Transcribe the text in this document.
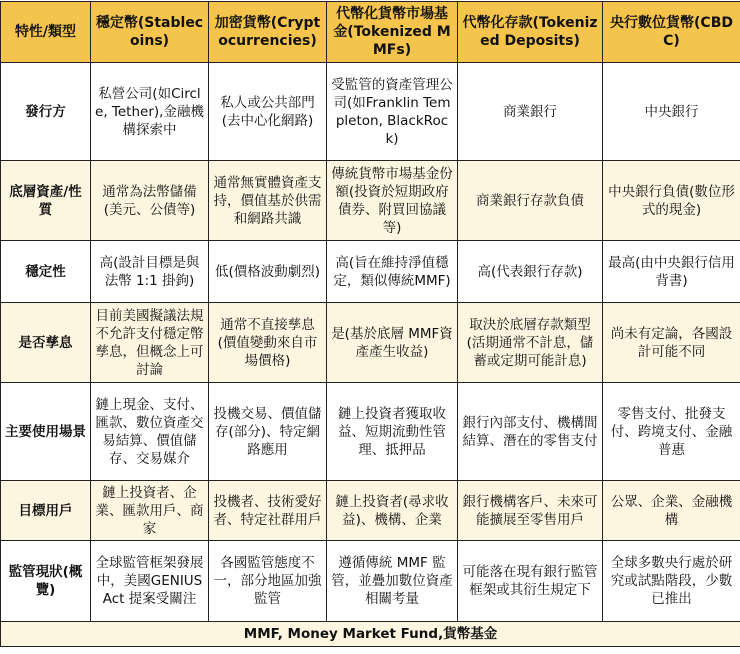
特性/類型	穩定幣(Stablecoins)	加密貨幣(Cryptocurrencies)	代幣化貨幣市場基金(Tokenized MMFs)	代幣化存款(Tokenized Deposits)	央行數位貨幣(CBDC)
發行方	私營公司(如Circle, Tether),金融機構探索中	私人或公共部門(去中心化網路)	受監管的資產管理公司(如Franklin Templeton, BlackRock)	商業銀行	中央銀行
底層資產/性質	通常為法幣儲備(美元、公債等)	通常無實體資產支持，價值基於供需和網路共識	傳統貨幣市場基金份額(投資於短期政府債券、附買回協議等)	商業銀行存款負債	中央銀行負債(數位形式的現金)
穩定性	高(設計目標是與法幣 1:1 掛鉤)	低(價格波動劇烈)	高(旨在維持淨值穩定，類似傳統MMF)	高(代表銀行存款)	最高(由中央銀行信用背書)
是否孳息	目前美國擬議法規不允許支付穩定幣孳息，但概念上可討論	通常不直接孳息(價值變動來自市場價格)	是(基於底層 MMF資產產生收益)	取決於底層存款類型(活期通常不計息，儲蓄或定期可能計息)	尚未有定論，各國設計可能不同
主要使用場景	鏈上現金、支付、匯款、數位資產交易結算、價值儲存、交易媒介	投機交易、價值儲存(部分)、特定網路應用	鏈上投資者獲取收益、短期流動性管理、抵押品	銀行內部支付、機構間結算、潛在的零售支付	零售支付、批發支付、跨境支付、金融普惠
目標用戶	鏈上投資者、企業、匯款用戶、商家	投機者、技術愛好者、特定社群用戶	鏈上投資者(尋求收益)、機構、企業	銀行機構客戶、未來可能擴展至零售用戶	公眾、企業、金融機構
監管現狀(概覽)	全球監管框架發展中，美國GENIUS Act 提案受關注	各國監管態度不一，部分地區加強監管	遵循傳統 MMF 監管，並疊加數位資產相關考量	可能落在現有銀行監管框架或其衍生規定下	全球多數央行處於研究或試點階段，少數已推出
MMF, Money Market Fund,貨幣基金					
